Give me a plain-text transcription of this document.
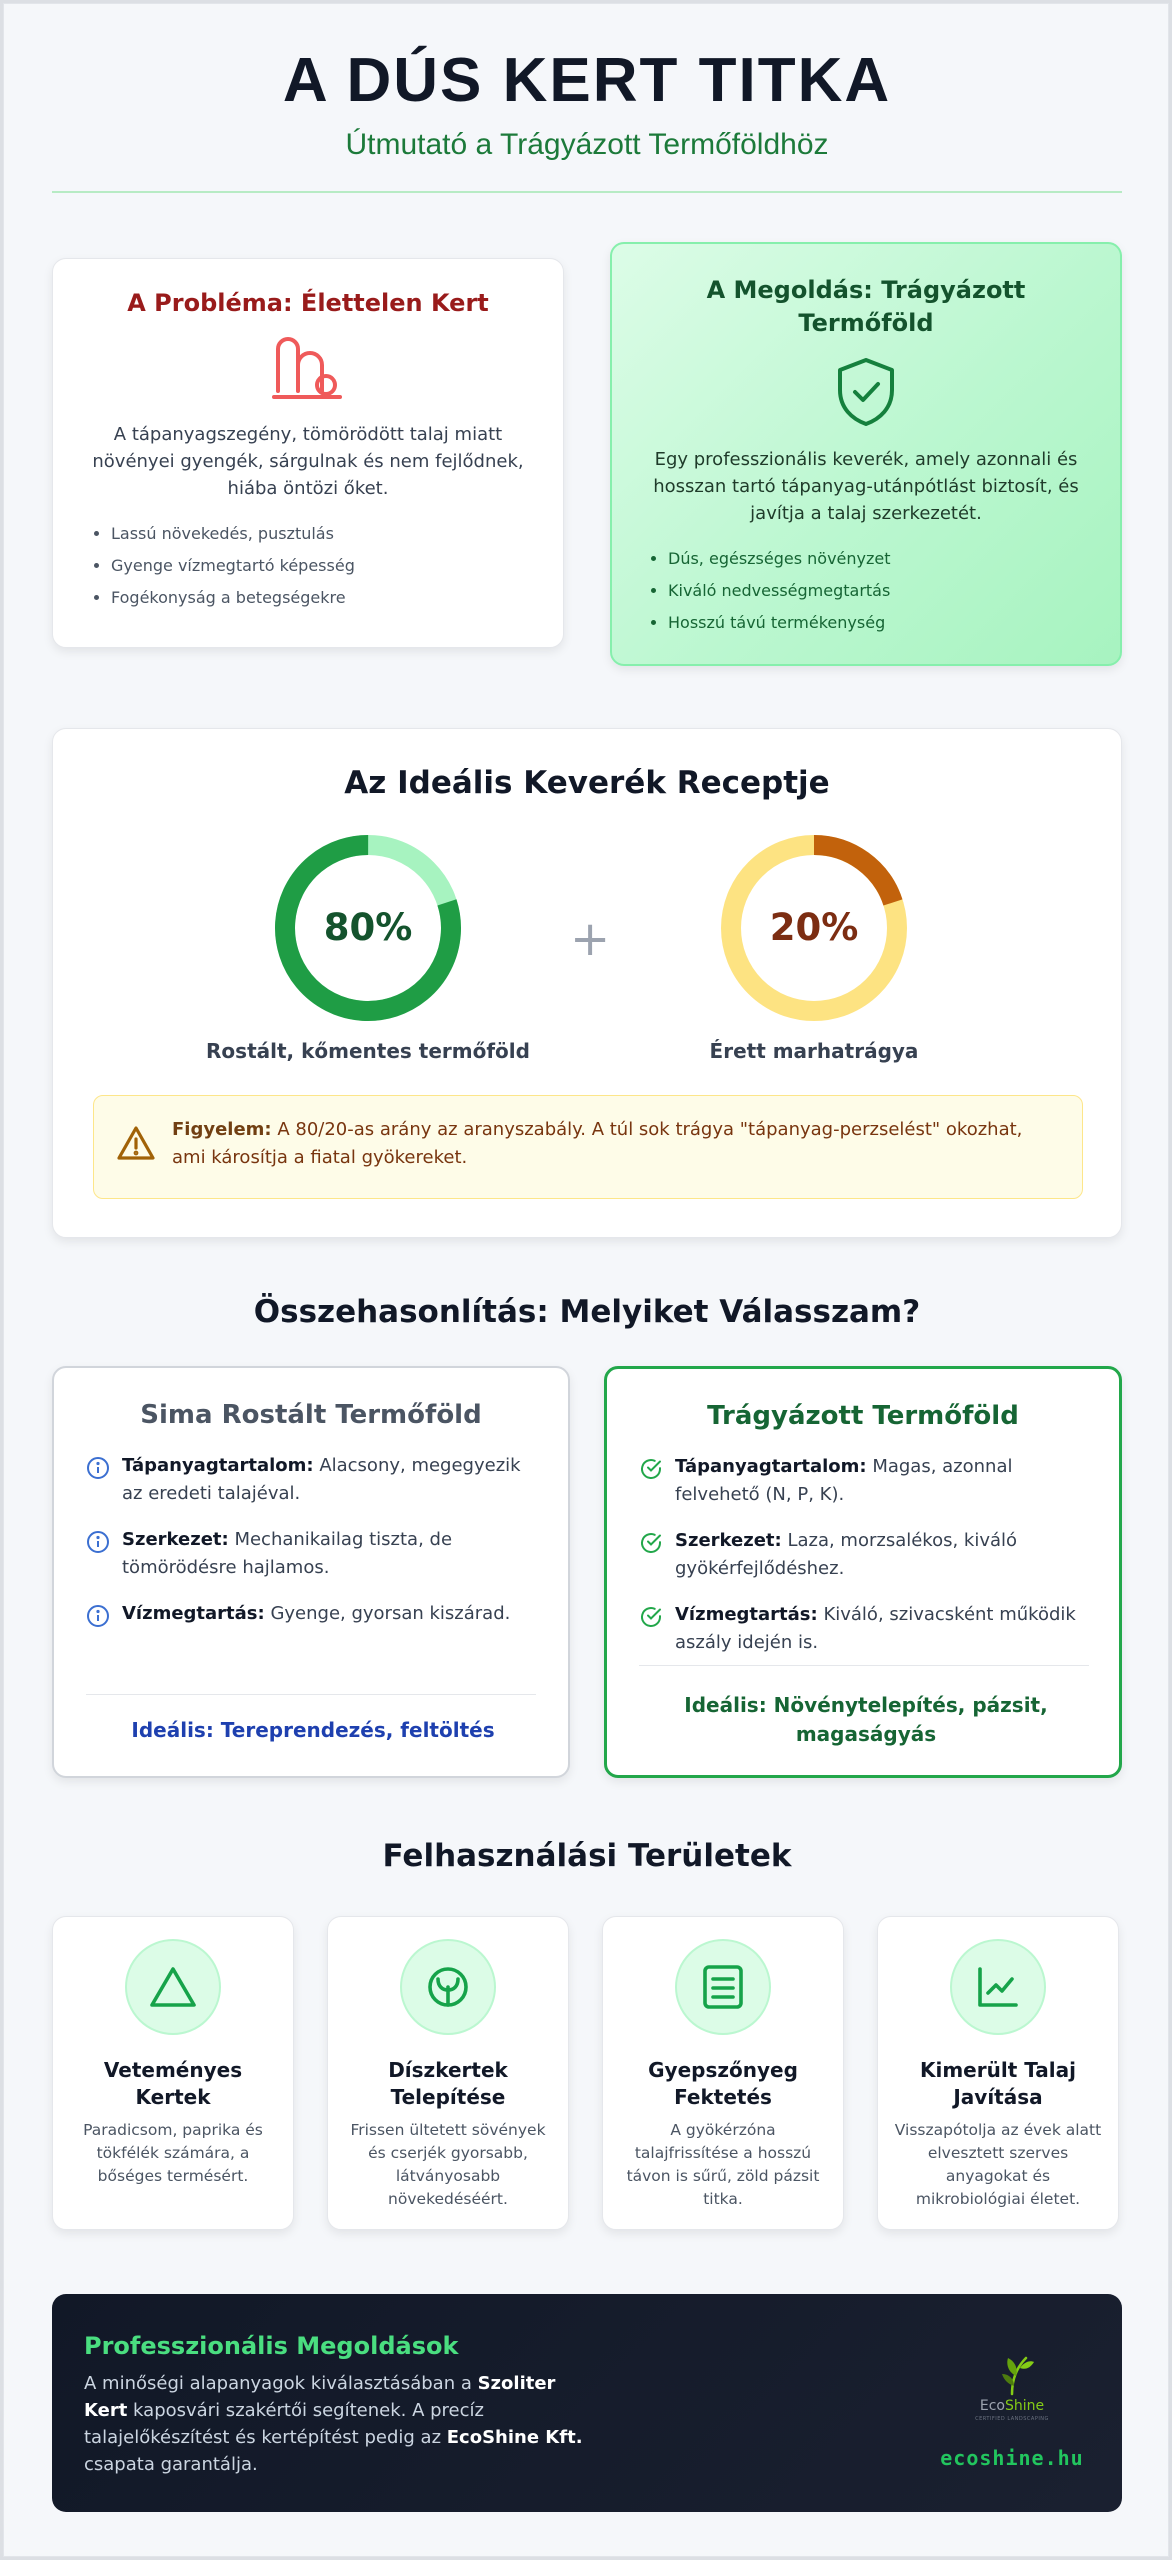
A DÚS KERT TITKA
Útmutató a Trágyázott Termőföldhöz
A Probléma: Élettelen Kert
A tápanyagszegény, tömörödött talaj miatt növényei gyengék, sárgulnak és nem fejlődnek, hiába öntözi őket.
• Lassú növekedés, pusztulás
• Gyenge vízmegtartó képesség
• Fogékonyság a betegségekre
A Megoldás: Trágyázott Termőföld
Egy professzionális keverék, amely azonnali és hosszan tartó tápanyag-utánpótlást biztosít, és javítja a talaj szerkezetét.
• Dús, egészséges növényzet
• Kiváló nedvességmegtartás
• Hosszú távú termékenység
Az Ideális Keverék Receptje
80%
Rostált, kőmentes termőföld
+	20%
Érett marhatrágya
Figyelem: A 80/20-as arány az aranyszabály. A túl sok trágya "tápanyag-perzselést" okozhat, ami károsítja a fiatal gyökereket.
Összehasonlítás: Melyiket Válasszam?
Sima Rostált Termőföld
Tápanyagtartalom: Alacsony, megegyezik az eredeti talajéval.
Szerkezet: Mechanikailag tiszta, de tömörödésre hajlamos.
Vízmegtartás: Gyenge, gyorsan kiszárad.
Ideális: Tereprendezés, feltöltés
Trágyázott Termőföld
Tápanyagtartalom: Magas, azonnal felvehető (N, P, K).
Szerkezet: Laza, morzsalékos, kiváló gyökérfejlődéshez.
Vízmegtartás: Kiváló, szivacsként működik aszály idején is.
Ideális: Növénytelepítés, pázsit, magaságyás
Felhasználási Területek
Veteményes Kertek

Paradicsom, paprika és tökfélék számára, a bőséges termésért.

Díszkertek Telepítése

Frissen ültetett sövények és cserjék gyorsabb, látványosabb növekedéséért.

Gyepszőnyeg Fektetés

A gyökérzóna talajfrissítése a hosszú távon is sűrű, zöld pázsit titka.

Kimerült Talaj Javítása

Visszapótolja az évek alatt elvesztett szerves anyagokat és mikrobiológiai életet.

Professzionális Megoldások

A minőségi alapanyagok kiválasztásában a Szoliter Kert kaposvári szakértői segítenek. A precíz talajelőkészítést és kertépítést pedig az EcoShine Kft. csapata garantálja.

EcoShine
CERTIFIED LANDSCAPING
ecoshine.hu
